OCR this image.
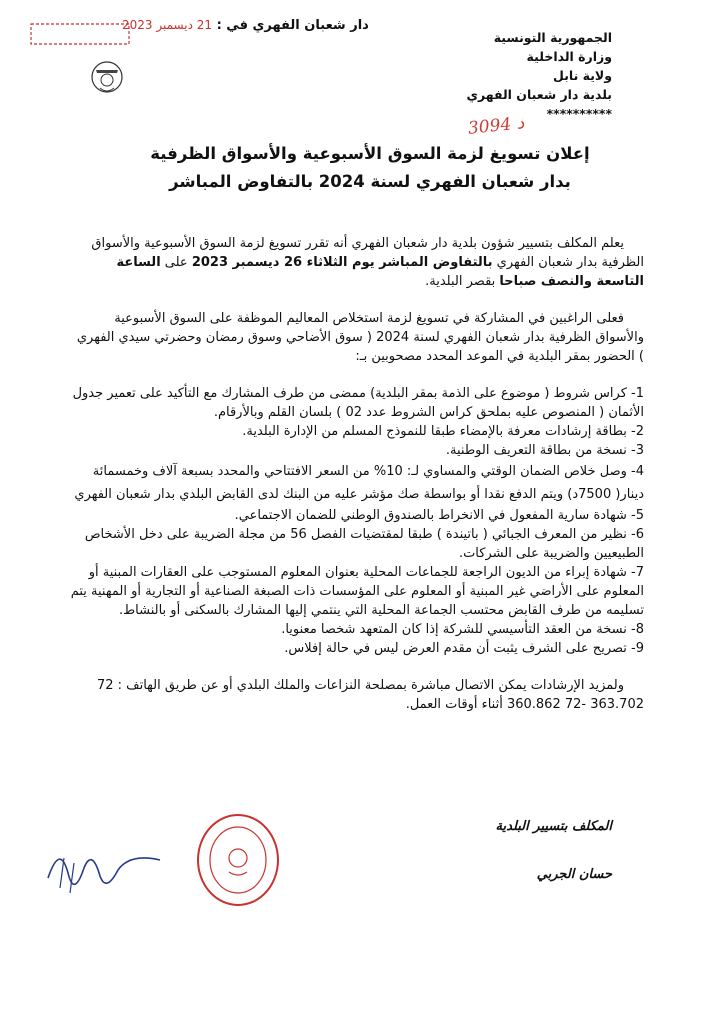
دار شعبان الفهري في : 21 ديسمبر 2023
الجمهورية التونسية
وزارة الداخلية
ولاية نابل
بلدية دار شعبان الفهري
**********
3094 د
إعلان تسويغ لزمة السوق الأسبوعية والأسواق الظرفية
بدار شعبان الفهري لسنة 2024 بالتفاوض المباشر

يعلم المكلف بتسيير شؤون بلدية دار شعبان الفهري أنه تقرر تسويغ لزمة السوق الأسبوعية والأسواق الظرفية بدار شعبان الفهري بالتفاوض المباشر يوم الثلاثاء 26 ديسمبر 2023 على الساعة التاسعة والنصف صباحا بقصر البلدية.

فعلى الراغبين في المشاركة في تسويغ لزمة استخلاص المعاليم الموظفة على السوق الأسبوعية والأسواق الظرفية بدار شعبان الفهري لسنة 2024 ( سوق الأضاحي وسوق رمضان وحضرتي سيدي الفهري ) الحضور بمقر البلدية في الموعد المحدد مصحوبين بـ:

1- كراس شروط ( موضوع على الذمة بمقر البلدية) ممضى من طرف المشارك مع التأكيد على تعمير جدول الأثمان ( المنصوص عليه بملحق كراس الشروط عدد 02 ) بلسان القلم وبالأرقام.

2- بطاقة إرشادات معرفة بالإمضاء طبقا للنموذج المسلم من الإدارة البلدية.

3- نسخة من بطاقة التعريف الوطنية.

4- وصل خلاص الضمان الوقتي والمساوي لـ: 10% من السعر الافتتاحي والمحدد بسبعة آلاف وخمسمائة دينار( 7500د) ويتم الدفع نقدا أو بواسطة صك مؤشر عليه من البنك لدى القابض البلدي بدار شعبان الفهري

5- شهادة سارية المفعول في الانخراط بالصندوق الوطني للضمان الاجتماعي.

6- نظير من المعرف الجبائي ( باتيندة ) طبقا لمقتضيات الفصل 56 من مجلة الضريبة على دخل الأشخاص الطبيعيين والضريبة على الشركات.

7- شهادة إبراء من الديون الراجعة للجماعات المحلية بعنوان المعلوم المستوجب على العقارات المبنية أو المعلوم على الأراضي غير المبنية أو المعلوم على المؤسسات ذات الصبغة الصناعية أو التجارية أو المهنية يتم تسليمه من طرف القابض محتسب الجماعة المحلية التي ينتمي إليها المشارك بالسكنى أو بالنشاط.

8- نسخة من العقد التأسيسي للشركة إذا كان المتعهد شخصا معنويا.

9- تصريح على الشرف يثبت أن مقدم العرض ليس في حالة إفلاس.

ولمزيد الإرشادات يمكن الاتصال مباشرة بمصلحة النزاعات والملك البلدي أو عن طريق الهاتف : 72 363.702 -72 360.862 أثناء أوقات العمل.

المكلف بتسيير البلدية
حسان الجربي
